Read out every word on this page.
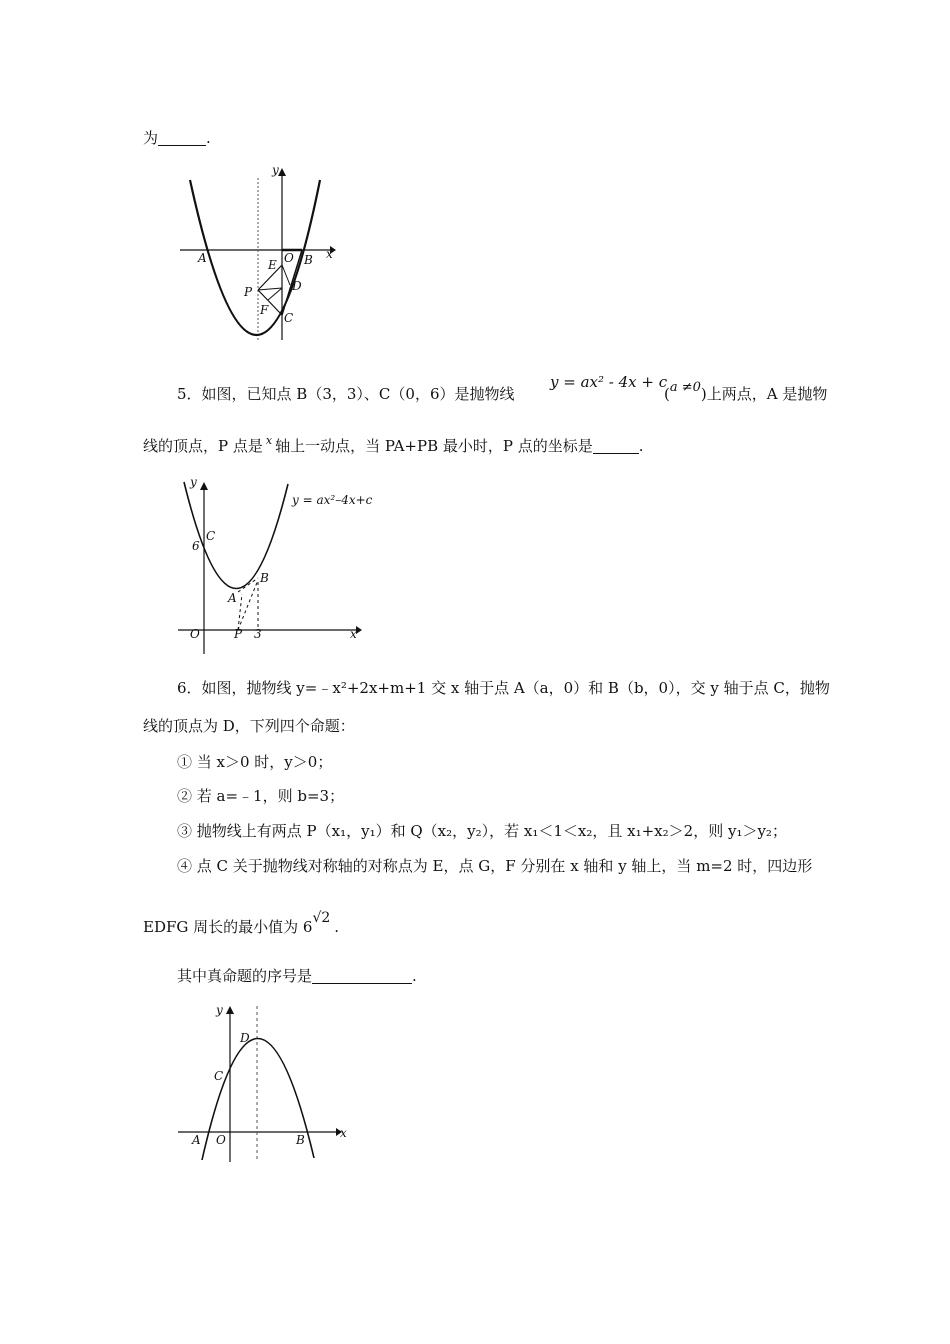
为	.
y
x
A	O B
E
P	D
F
C
5．如图，已知点 B（3，3）、C（0，6）是抛物线
y = ax² - 4x + c
(a ≠0)上两点，A 是抛物
线的顶点，P 点是 $^x$ 轴上一动点，当 PA+PB 最小时，P 点的坐标是	.
y
y = ax²–4x+c
C
6
B
A
O	P 3	x
6．如图，抛物线 y=﹣x²+2x+m+1 交 x 轴于点 A（a，0）和 B（b，0），交 y 轴于点 C，抛物
线的顶点为 D，下列四个命题：
① 当 x＞0 时，y＞0；
② 若 a=﹣1，则 b=3；
③ 抛物线上有两点 P（x₁，y₁）和 Q（x₂，y₂），若 x₁＜1＜x₂，且 x₁+x₂＞2，则 y₁＞y₂；
④ 点 C 关于抛物线对称轴的对称点为 E，点 G，F 分别在 x 轴和 y 轴上，当 m=2 时，四边形
EDFG 周长的最小值为 6√2 .
其中真命题的序号是	.
y
D
C
A O	B	x
